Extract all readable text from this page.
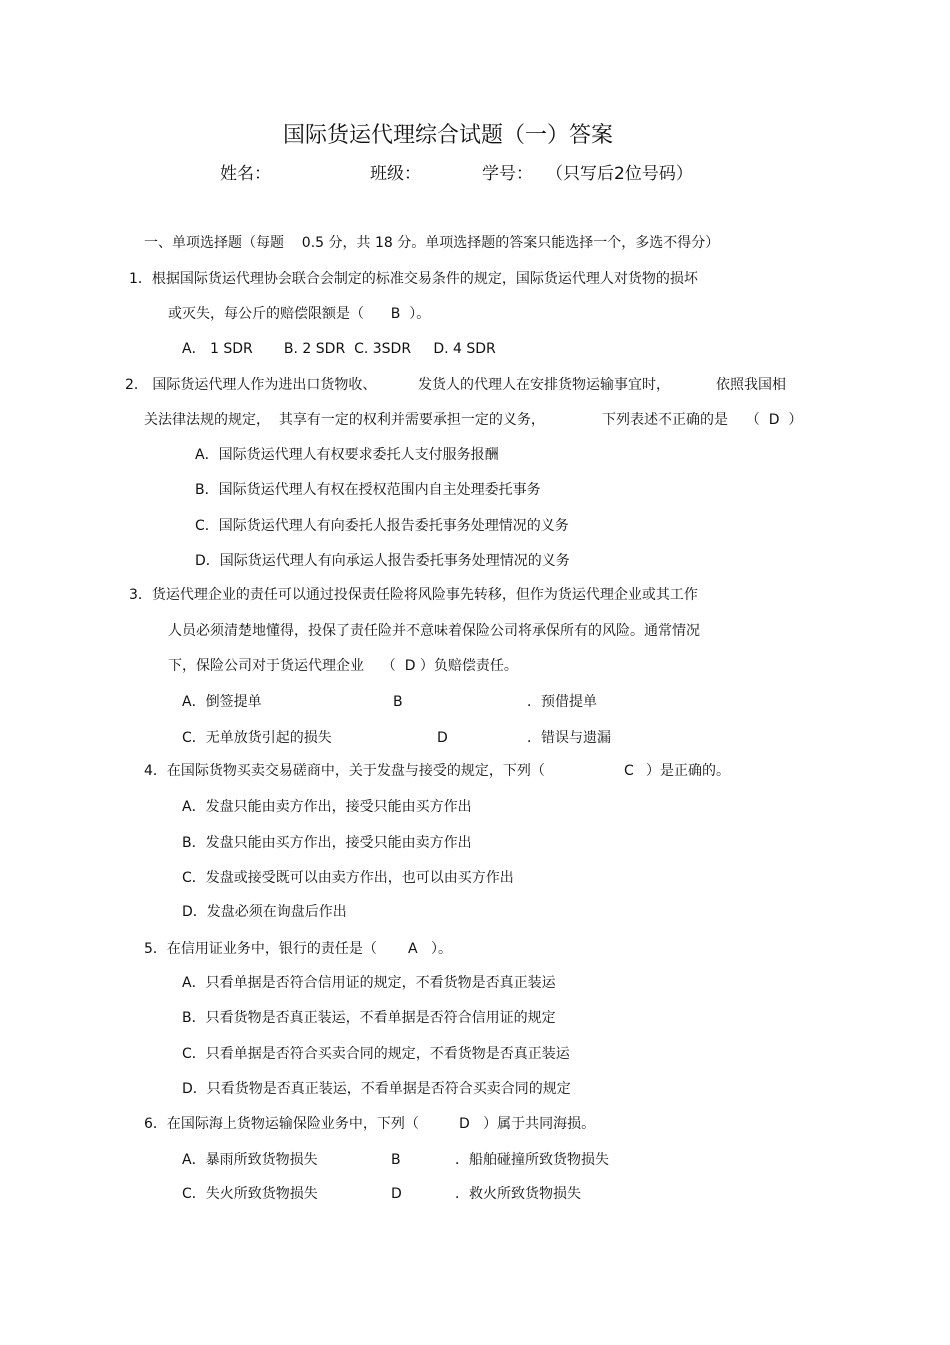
国际货运代理综合试题（一）答案
姓名：	班级：	学号： （只写后2位号码）
一、单项选择题（每题    0.5 分，共 18 分。单项选择题的答案只能选择一个，多选不得分）
1．根据国际货运代理协会联合会制定的标准交易条件的规定，国际货运代理人对货物的损坏
或灭失，每公斤的赔偿限额是（      B  ）。
A． 1 SDR       B. 2 SDR  C. 3SDR     D. 4 SDR
2． 国际货运代理人作为进出口货物收、	发货人的代理人在安排货物运输事宜时，	依照我国相
关法律法规的规定，  其享有一定的权利并需要承担一定的义务，	下列表述不正确的是    （  D  ）
A．国际货运代理人有权要求委托人支付服务报酬
B．国际货运代理人有权在授权范围内自主处理委托事务
C．国际货运代理人有向委托人报告委托事务处理情况的义务
D．国际货运代理人有向承运人报告委托事务处理情况的义务
3．货运代理企业的责任可以通过投保责任险将风险事先转移，但作为货运代理企业或其工作
人员必须清楚地懂得，投保了责任险并不意味着保险公司将承保所有的风险。通常情况
下，保险公司对于货运代理企业    （  D ）负赔偿责任。
A．倒签提单	B	．预借提单
C．无单放货引起的损失	D	．错误与遗漏
4．在国际货物买卖交易磋商中，关于发盘与接受的规定，下列（	C ）是正确的。
A．发盘只能由卖方作出，接受只能由买方作出
B．发盘只能由买方作出，接受只能由卖方作出
C．发盘或接受既可以由卖方作出，也可以由买方作出
D．发盘必须在询盘后作出
5．在信用证业务中，银行的责任是（       A   ）。
A．只看单据是否符合信用证的规定，不看货物是否真正装运
B．只看货物是否真正装运，不看单据是否符合信用证的规定
C．只看单据是否符合买卖合同的规定，不看货物是否真正装运
D．只看货物是否真正装运，不看单据是否符合买卖合同的规定
6．在国际海上货物运输保险业务中，下列（         D   ）属于共同海损。
A．暴雨所致货物损失	B	．船舶碰撞所致货物损失
C．失火所致货物损失	D	．救火所致货物损失
